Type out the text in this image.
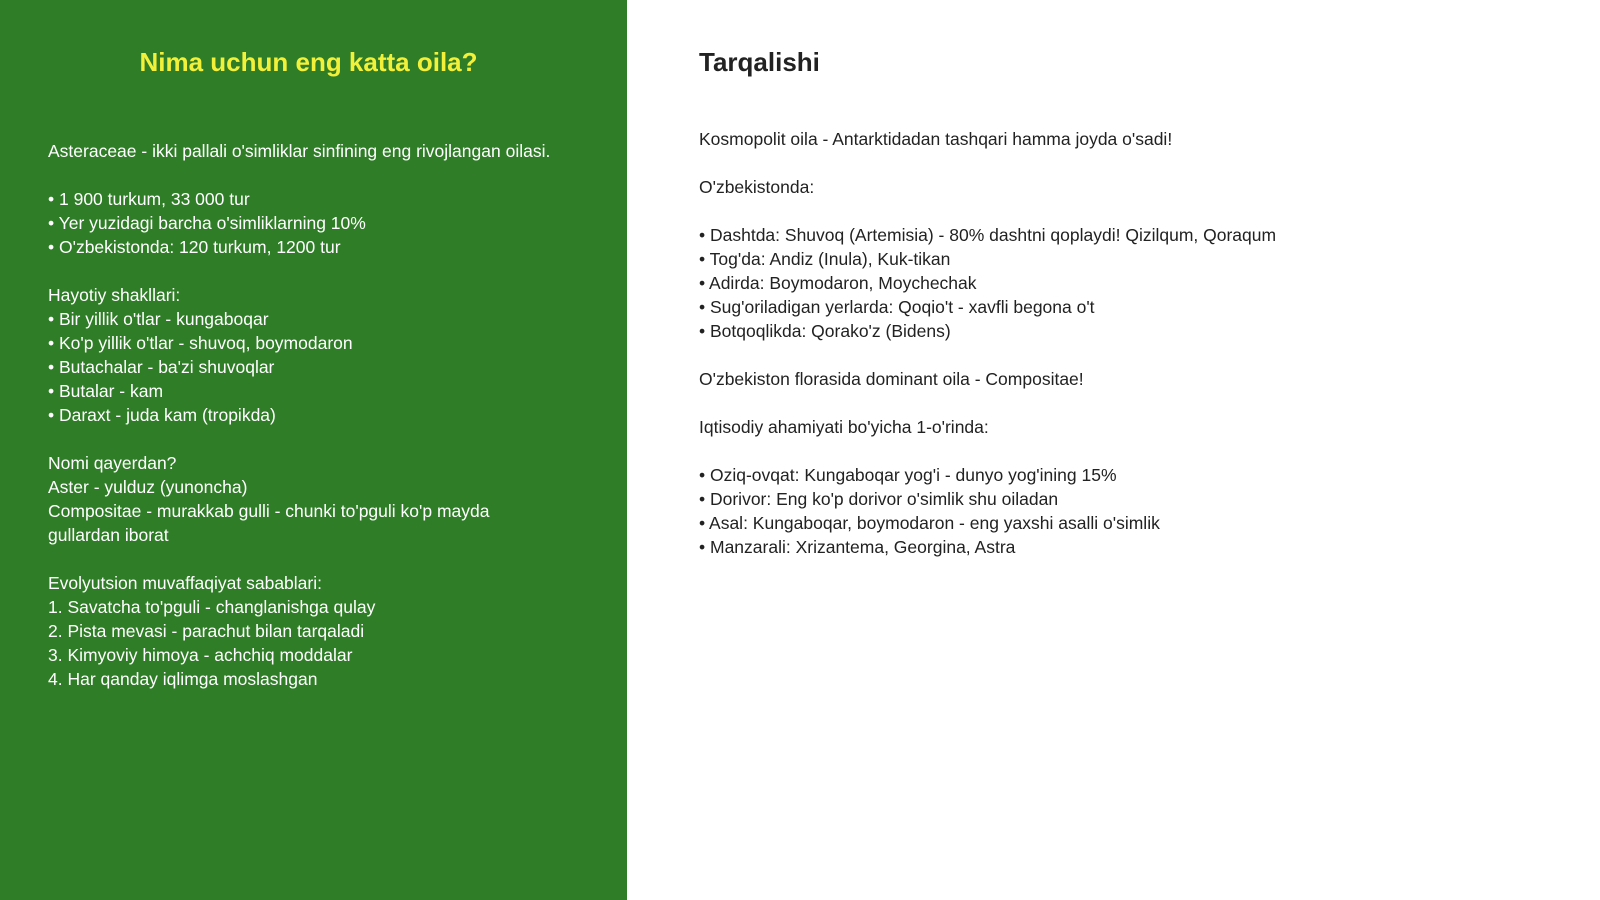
Nima uchun eng katta oila?
Asteraceae - ikki pallali o'simliklar sinfining eng rivojlangan oilasi.
• 1 900 turkum, 33 000 tur
• Yer yuzidagi barcha o'simliklarning 10%
• O'zbekistonda: 120 turkum, 1200 tur
Hayotiy shakllari:
• Bir yillik o'tlar - kungaboqar
• Ko'p yillik o'tlar - shuvoq, boymodaron
• Butachalar - ba'zi shuvoqlar
• Butalar - kam
• Daraxt - juda kam (tropikda)
Nomi qayerdan?
Aster - yulduz (yunoncha)
Compositae - murakkab gulli - chunki to'pguli ko'p mayda
gullardan iborat
Evolyutsion muvaffaqiyat sabablari:
1. Savatcha to'pguli - changlanishga qulay
2. Pista mevasi - parachut bilan tarqaladi
3. Kimyoviy himoya - achchiq moddalar
4. Har qanday iqlimga moslashgan
Tarqalishi
Kosmopolit oila - Antarktidadan tashqari hamma joyda o'sadi!
O'zbekistonda:
• Dashtda: Shuvoq (Artemisia) - 80% dashtni qoplaydi! Qizilqum, Qoraqum
• Tog'da: Andiz (Inula), Kuk-tikan
• Adirda: Boymodaron, Moychechak
• Sug'oriladigan yerlarda: Qoqio't - xavfli begona o't
• Botqoqlikda: Qorako'z (Bidens)
O'zbekiston florasida dominant oila - Compositae!
Iqtisodiy ahamiyati bo'yicha 1-o'rinda:
• Oziq-ovqat: Kungaboqar yog'i - dunyo yog'ining 15%
• Dorivor: Eng ko'p dorivor o'simlik shu oiladan
• Asal: Kungaboqar, boymodaron - eng yaxshi asalli o'simlik
• Manzarali: Xrizantema, Georgina, Astra
